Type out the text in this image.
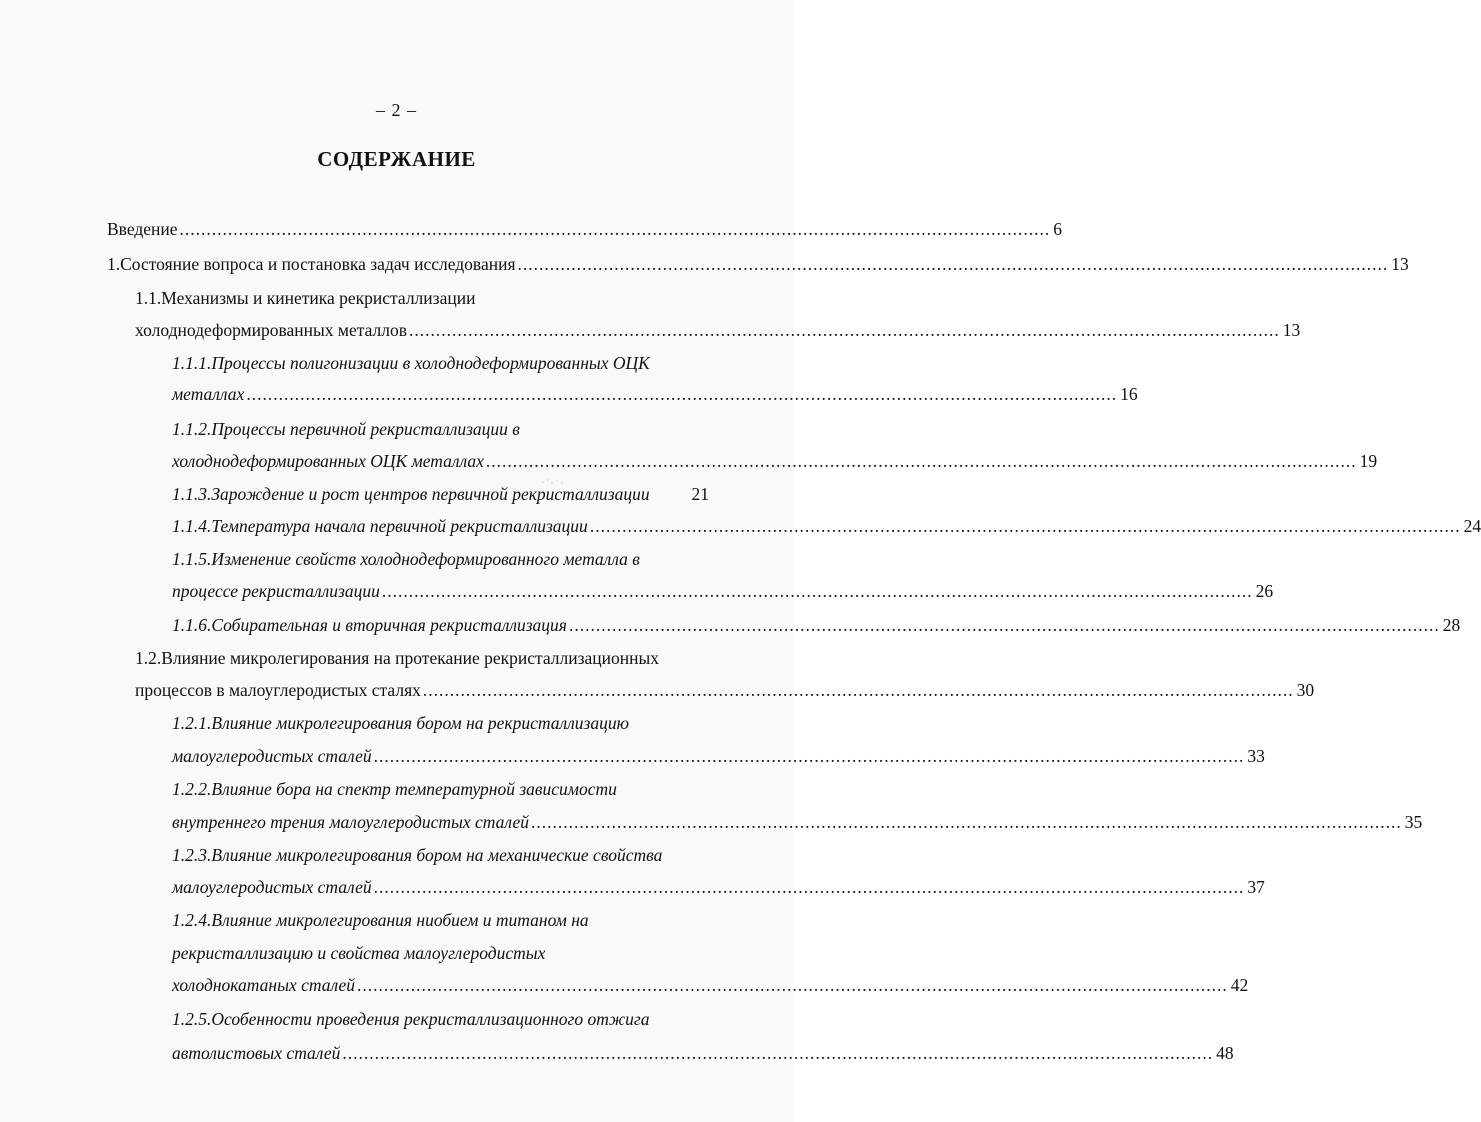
– 2 –
СОДЕРЖАНИЕ
Введение .................................................................................................................................................................. 6
1.Состояние вопроса и постановка задач исследования .................................................................................................................................................................. 13
1.1.Механизмы и кинетика рекристаллизации
холоднодеформированных металлов .................................................................................................................................................................. 13
1.1.1.Процессы полигонизации в холоднодеформированных ОЦК
металлах .................................................................................................................................................................. 16
1.1.2.Процессы первичной рекристаллизации в
холоднодеформированных ОЦК металлах .................................................................................................................................................................. 19
1.1.3.Зарождение и рост центров первичной рекристаллизации 21
1.1.4.Температура начала первичной рекристаллизации .................................................................................................................................................................. 24
1.1.5.Изменение свойств холоднодеформированного металла в
процессе рекристаллизации .................................................................................................................................................................. 26
1.1.6.Собирательная и вторичная рекристаллизация .................................................................................................................................................................. 28
1.2.Влияние микролегирования на протекание рекристаллизационных
процессов в малоуглеродистых сталях .................................................................................................................................................................. 30
1.2.1.Влияние микролегирования бором на рекристаллизацию
малоуглеродистых сталей .................................................................................................................................................................. 33
1.2.2.Влияние бора на спектр температурной зависимости
внутреннего трения малоуглеродистых сталей .................................................................................................................................................................. 35
1.2.3.Влияние микролегирования бором на механические свойства
малоуглеродистых сталей .................................................................................................................................................................. 37
1.2.4.Влияние микролегирования ниобием и титаном на
рекристаллизацию и свойства малоуглеродистых
холоднокатаных сталей .................................................................................................................................................................. 42
1.2.5.Особенности проведения рекристаллизационного отжига
автолистовых сталей .................................................................................................................................................................. 48
